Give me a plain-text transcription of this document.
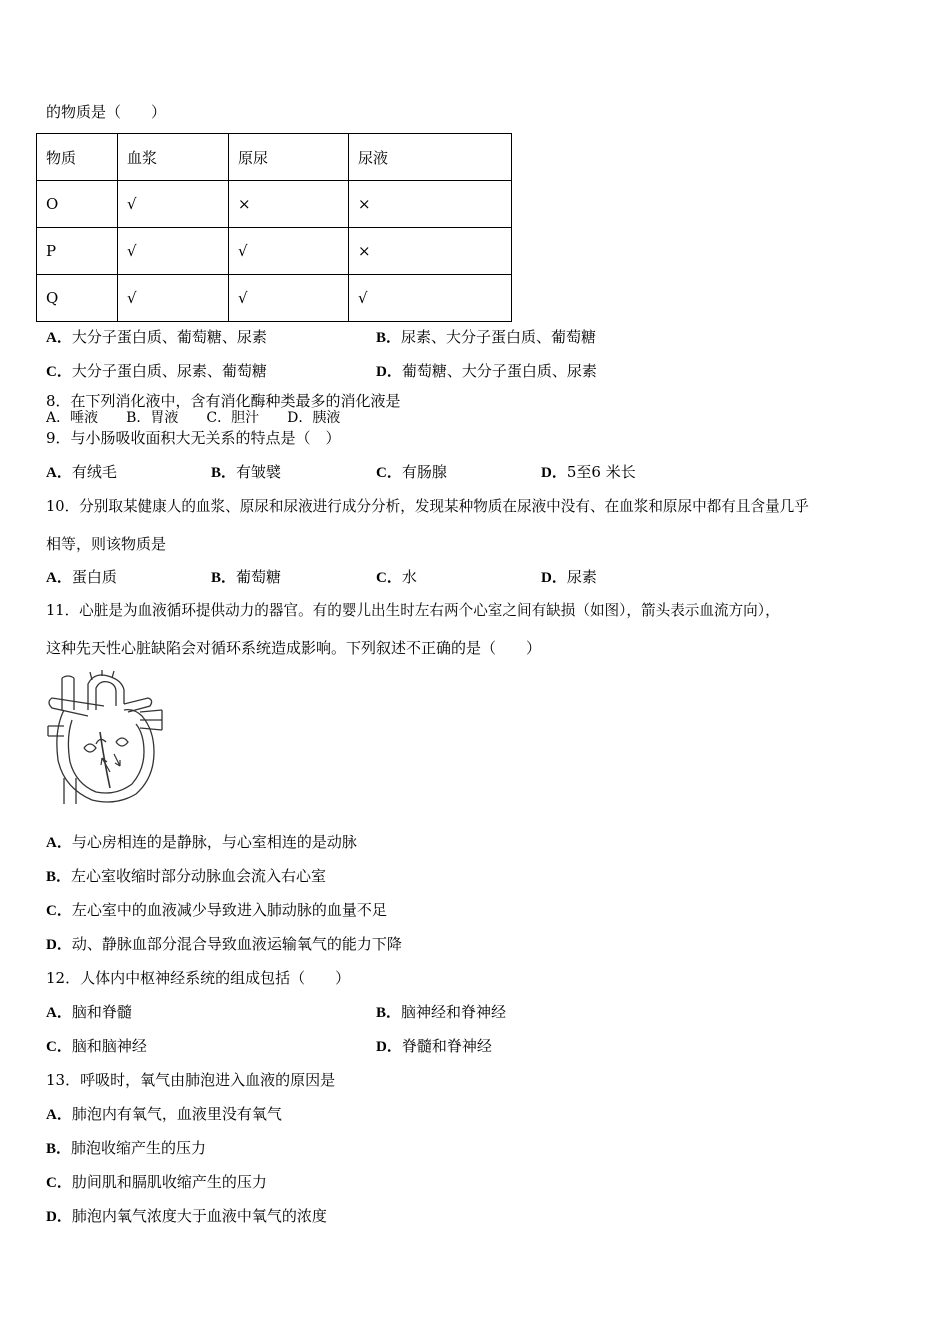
的物质是（　　）
物质	血浆	原尿	尿液
O	√	×	×
P	√	√	×
Q	√	√	√
A．大分子蛋白质、葡萄糖、尿素	B．尿素、大分子蛋白质、葡萄糖
C．大分子蛋白质、尿素、葡萄糖	D．葡萄糖、大分子蛋白质、尿素
8．在下列消化液中，含有消化酶种类最多的消化液是
A．唾液　　B．胃液　　C．胆汁　　D．胰液
9．与小肠吸收面积大无关系的特点是（　）
A．有绒毛	B．有皱襞	C．有肠腺	D．5至6 米长
10．分别取某健康人的血浆、原尿和尿液进行成分分析，发现某种物质在尿液中没有、在血浆和原尿中都有且含量几乎
相等，则该物质是
A．蛋白质	B．葡萄糖	C．水	D．尿素
11．心脏是为血液循环提供动力的器官。有的婴儿出生时左右两个心室之间有缺损（如图），箭头表示血流方向），
这种先天性心脏缺陷会对循环系统造成影响。下列叙述不正确的是（　　）
A．与心房相连的是静脉，与心室相连的是动脉
B．左心室收缩时部分动脉血会流入右心室
C．左心室中的血液减少导致进入肺动脉的血量不足
D．动、静脉血部分混合导致血液运输氧气的能力下降
12．人体内中枢神经系统的组成包括（　　）
A．脑和脊髓	B．脑神经和脊神经
C．脑和脑神经	D．脊髓和脊神经
13．呼吸时，氧气由肺泡进入血液的原因是
A．肺泡内有氧气，血液里没有氧气
B．肺泡收缩产生的压力
C．肋间肌和膈肌收缩产生的压力
D．肺泡内氧气浓度大于血液中氧气的浓度
